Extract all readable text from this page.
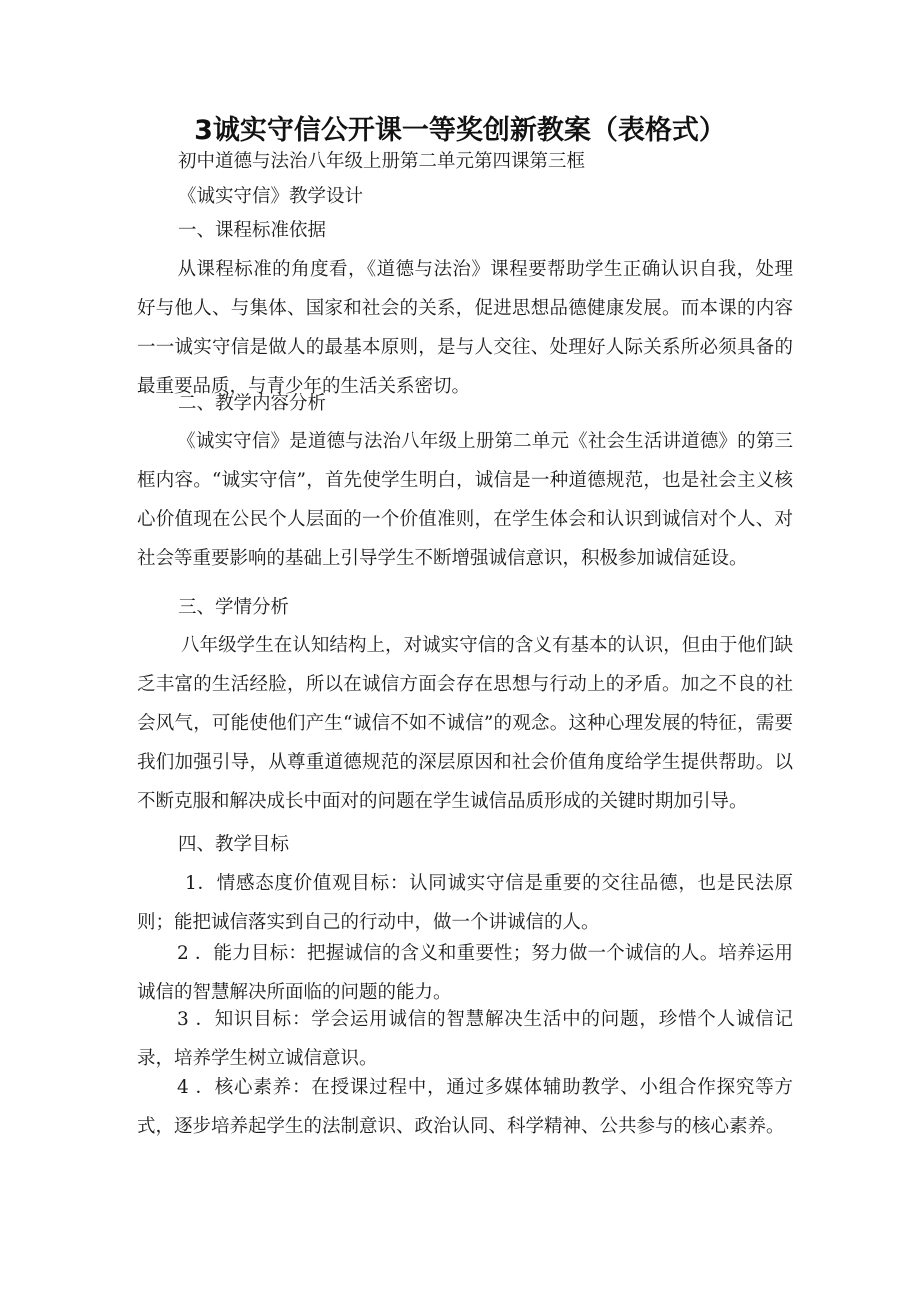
3诚实守信公开课一等奖创新教案（表格式）
初中道德与法治八年级上册第二单元第四课第三框
《诚实守信》教学设计
一、课程标准依据
从课程标准的角度看，《道德与法治》课程要帮助学生正确认识自我，处理好与他人、与集体、国家和社会的关系，促进思想品德健康发展。而本课的内容一一诚实守信是做人的最基本原则，是与人交往、处理好人际关系所必须具备的最重要品质，与青少年的生活关系密切。
二、教学内容分析
《诚实守信》是道德与法治八年级上册第二单元《社会生活讲道德》的第三框内容。“诚实守信”，首先使学生明白，诚信是一种道德规范，也是社会主义核心价值现在公民个人层面的一个价值准则，在学生体会和认识到诚信对个人、对社会等重要影响的基础上引导学生不断增强诚信意识，积极参加诚信延设。
三、学情分析
八年级学生在认知结构上，对诚实守信的含义有基本的认识，但由于他们缺乏丰富的生活经脸，所以在诚信方面会存在思想与行动上的矛盾。加之不良的社会风气，可能使他们产生“诚信不如不诚信”的观念。这种心理发展的特征，需要我们加强引导，从尊重道德规范的深层原因和社会价值角度给学生提供帮助。以不断克服和解决成长中面对的问题在学生诚信品质形成的关键时期加引导。
四、教学目标
1．情感态度价值观目标：认同诚实守信是重要的交往品德，也是民法原则；能把诚信落实到自己的行动中，做一个讲诚信的人。
2 ．能力目标：把握诚信的含义和重要性；努力做一个诚信的人。培养运用诚信的智慧解决所面临的问题的能力。
3 ．知识目标：学会运用诚信的智慧解决生活中的问题，珍惜个人诚信记录，培养学生树立诚信意识。
4 ．核心素养：在授课过程中，通过多媒体辅助教学、小组合作探究等方式，逐步培养起学生的法制意识、政治认同、科学精神、公共参与的核心素养。
